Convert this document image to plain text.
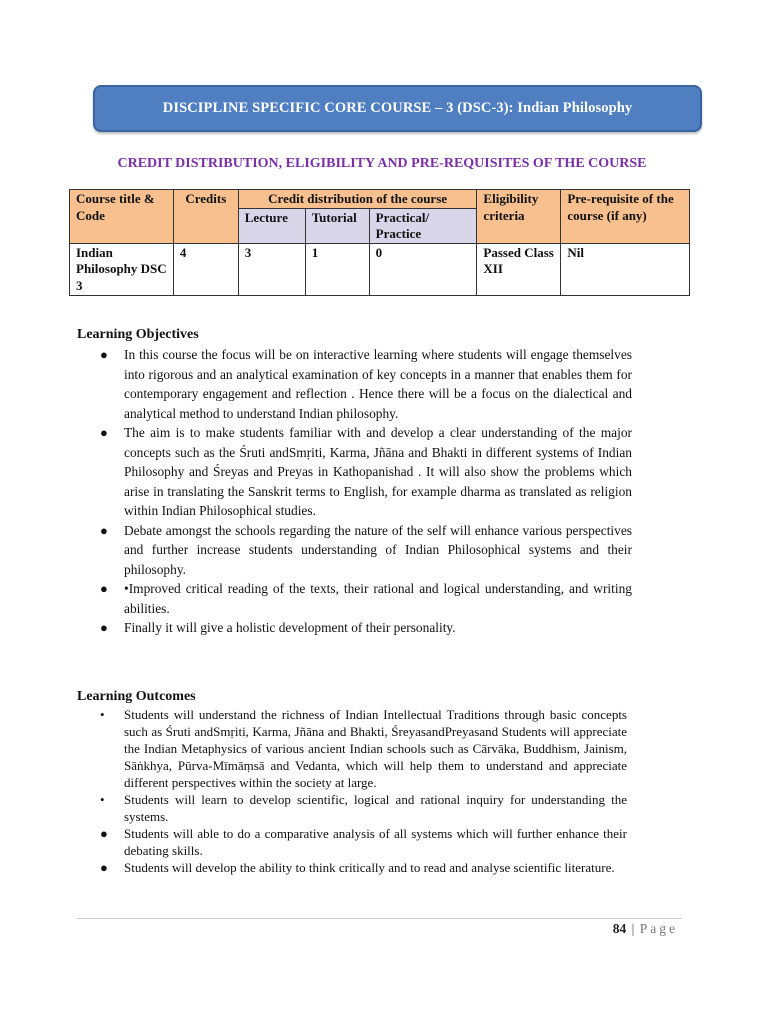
DISCIPLINE SPECIFIC CORE COURSE – 3 (DSC-3): Indian Philosophy
CREDIT DISTRIBUTION, ELIGIBILITY AND PRE-REQUISITES OF THE COURSE
Course title & Code	Credits	Credit distribution of the course			Eligibility criteria	Pre-requisite of the course (if any)
		Lecture	Tutorial	Practical/ Practice		
Indian Philosophy DSC 3	4	3	1	0	Passed Class XII	Nil
Learning Objectives
● In this course the focus will be on interactive learning where students will engage themselves into rigorous and an analytical examination of key concepts in a manner that enables them for contemporary engagement and reflection . Hence there will be a focus on the dialectical and analytical method to understand Indian philosophy.
● The aim is to make students familiar with and develop a clear understanding of the major concepts such as the Śruti andSmṛiti, Karma, Jñāna and Bhakti in different systems of Indian Philosophy and Śreyas and Preyas in Kathopanishad . It will also show the problems which arise in translating the Sanskrit terms to English, for example dharma as translated as religion within Indian Philosophical studies.
● Debate amongst the schools regarding the nature of the self will enhance various perspectives and further increase students understanding of Indian Philosophical systems and their philosophy.
● •Improved critical reading of the texts, their rational and logical understanding, and writing abilities.
● Finally it will give a holistic development of their personality.
Learning Outcomes
• Students will understand the richness of Indian Intellectual Traditions through basic concepts such as Śruti andSmṛiti, Karma, Jñāna and Bhakti, ŚreyasandPreyasand Students will appreciate the Indian Metaphysics of various ancient Indian schools such as Cārvāka, Buddhism, Jainism, Sāṅkhya, Pūrva-Mīmāṃsā and Vedanta, which will help them to understand and appreciate different perspectives within the society at large.
• Students will learn to develop scientific, logical and rational inquiry for understanding the systems.
● Students will able to do a comparative analysis of all systems which will further enhance their debating skills.
● Students will develop the ability to think critically and to read and analyse scientific literature.
84 | Page
